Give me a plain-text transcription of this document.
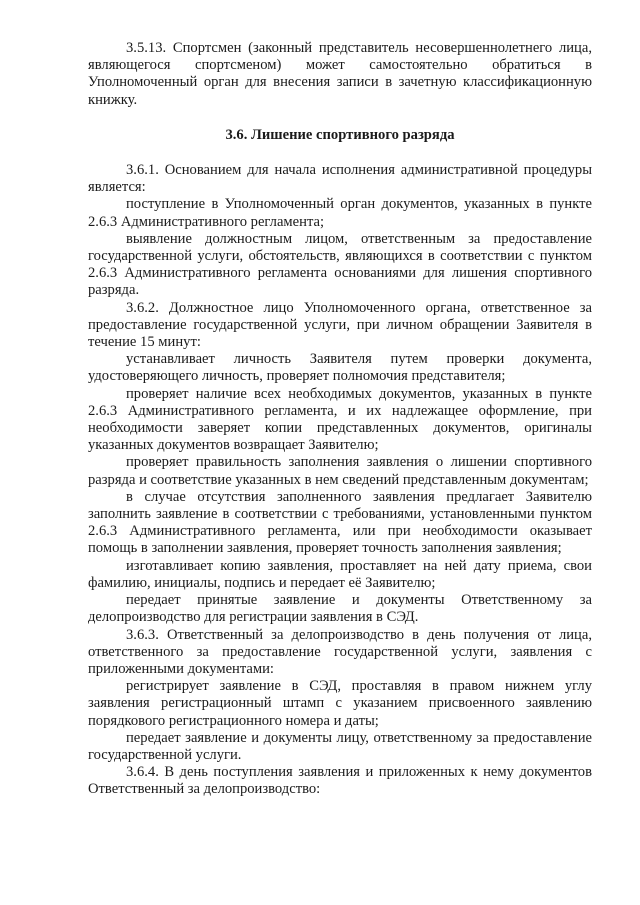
3.5.13. Спортсмен (законный представитель несовершеннолетнего лица, являющегося спортсменом) может самостоятельно обратиться в Уполномоченный орган для внесения записи в зачетную классификационную книжку.

3.6. Лишение спортивного разряда

3.6.1. Основанием для начала исполнения административной процедуры является:

поступление в Уполномоченный орган документов, указанных в пункте 2.6.3 Административного регламента;

выявление должностным лицом, ответственным за предоставление государственной услуги, обстоятельств, являющихся в соответствии с пунктом 2.6.3 Административного регламента основаниями для лишения спортивного разряда.

3.6.2. Должностное лицо Уполномоченного органа, ответственное за предоставление государственной услуги, при личном обращении Заявителя в течение 15 минут:

устанавливает личность Заявителя путем проверки документа, удостоверяющего личность, проверяет полномочия представителя;

проверяет наличие всех необходимых документов, указанных в пункте 2.6.3 Административного регламента, и их надлежащее оформление, при необходимости заверяет копии представленных документов, оригиналы указанных документов возвращает Заявителю;

проверяет правильность заполнения заявления о лишении спортивного разряда и соответствие указанных в нем сведений представленным документам;

в случае отсутствия заполненного заявления предлагает Заявителю заполнить заявление в соответствии с требованиями, установленными пунктом 2.6.3 Административного регламента, или при необходимости оказывает помощь в заполнении заявления, проверяет точность заполнения заявления;

изготавливает копию заявления, проставляет на ней дату приема, свои фамилию, инициалы, подпись и передает её Заявителю;

передает принятые заявление и документы Ответственному за делопроизводство для регистрации заявления в СЭД.

3.6.3. Ответственный за делопроизводство в день получения от лица, ответственного за предоставление государственной услуги, заявления с приложенными документами:

регистрирует заявление в СЭД, проставляя в правом нижнем углу заявления регистрационный штамп с указанием присвоенного заявлению порядкового регистрационного номера и даты;

передает заявление и документы лицу, ответственному за предоставление государственной услуги.

3.6.4. В день поступления заявления и приложенных к нему документов Ответственный за делопроизводство:
